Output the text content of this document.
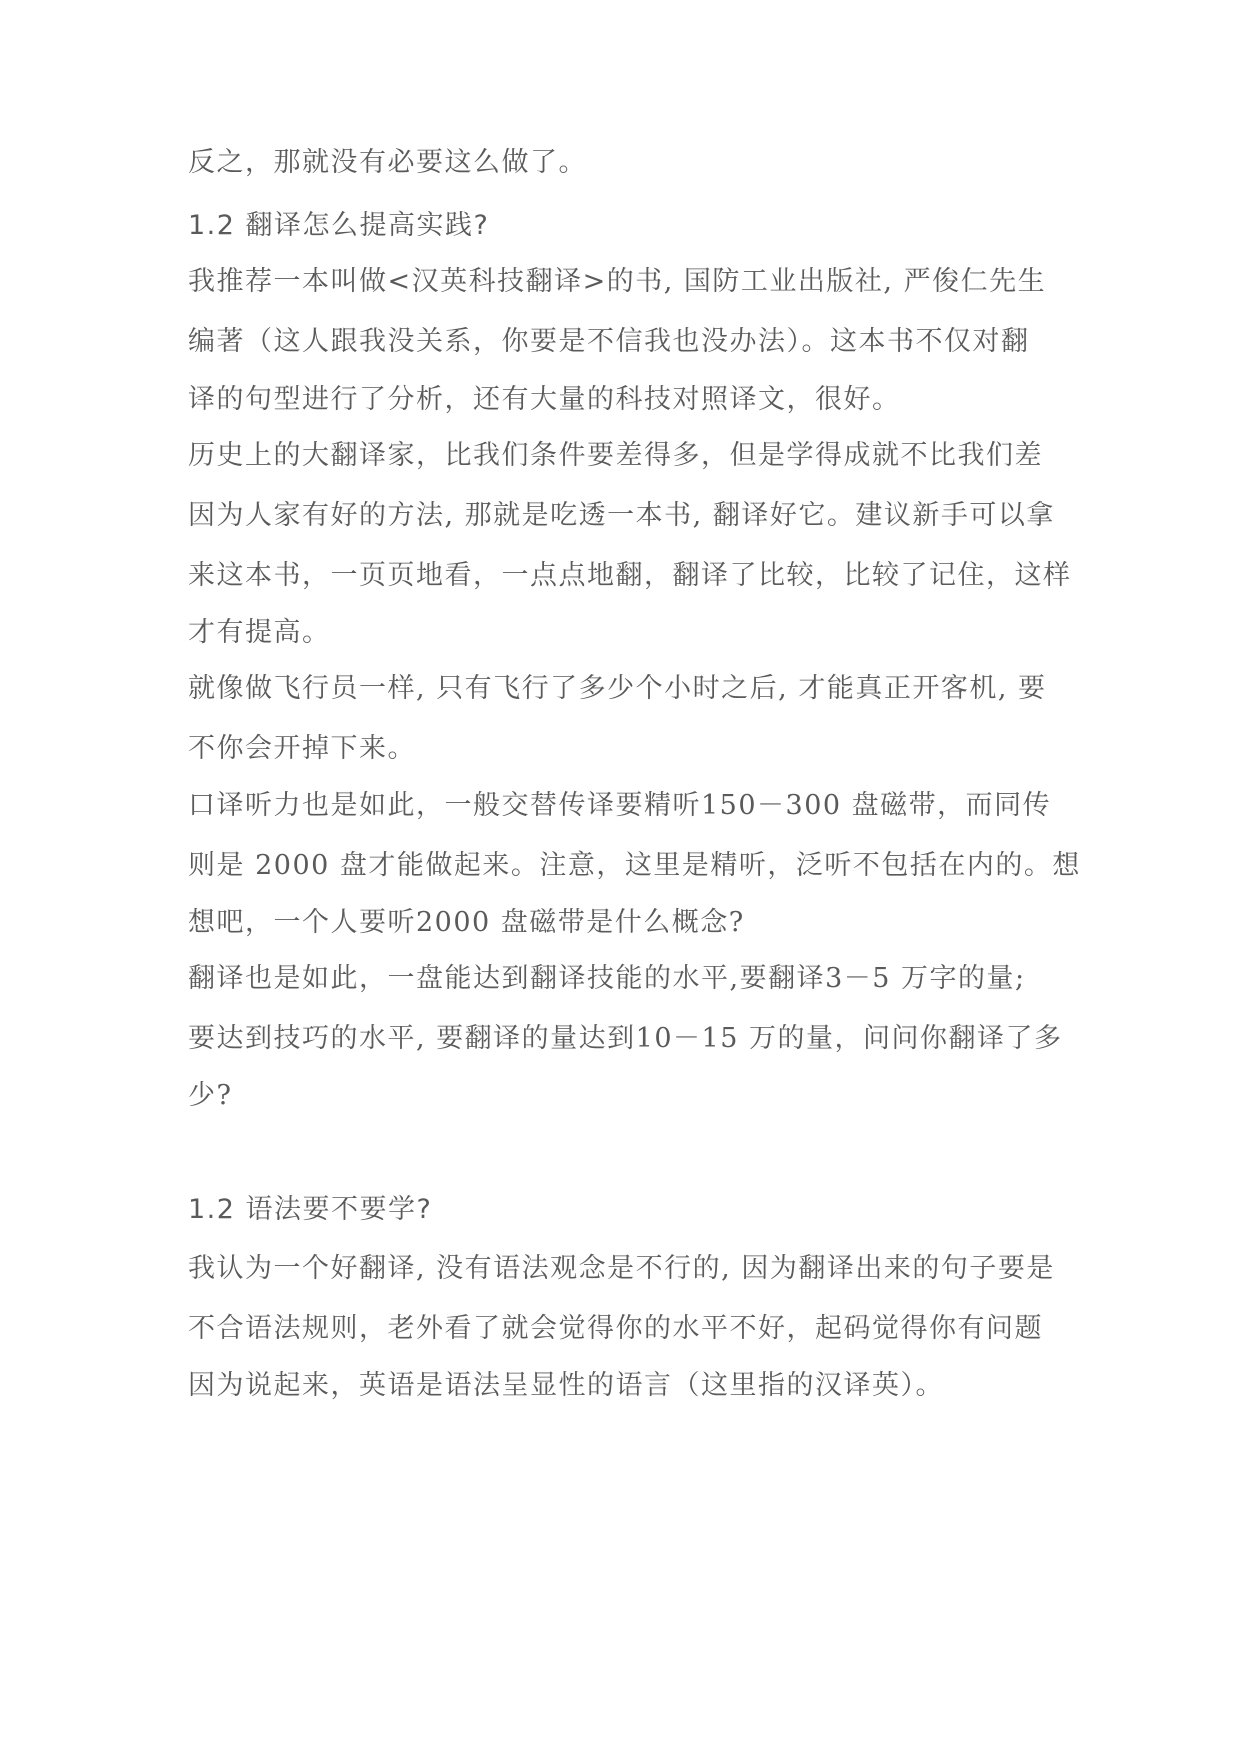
反之，那就没有必要这么做了。

1.2 翻译怎么提高实践?

我推荐一本叫做<汉英科技翻译>的书, 国防工业出版社, 严俊仁先生

编著（这人跟我没关系，你要是不信我也没办法）。这本书不仅对翻

译的句型进行了分析，还有大量的科技对照译文，很好。

历史上的大翻译家，比我们条件要差得多，但是学得成就不比我们差

因为人家有好的方法, 那就是吃透一本书, 翻译好它。建议新手可以拿

来这本书，一页页地看，一点点地翻，翻译了比较，比较了记住，这样

才有提高。

就像做飞行员一样, 只有飞行了多少个小时之后, 才能真正开客机, 要

不你会开掉下来。

口译听力也是如此，一般交替传译要精听150－300 盘磁带，而同传

则是 2000 盘才能做起来。注意，这里是精听，泛听不包括在内的。想

想吧，一个人要听2000 盘磁带是什么概念?

翻译也是如此，一盘能达到翻译技能的水平,要翻译3－5 万字的量;

要达到技巧的水平, 要翻译的量达到10－15 万的量，问问你翻译了多

少?

1.2 语法要不要学?

我认为一个好翻译, 没有语法观念是不行的, 因为翻译出来的句子要是

不合语法规则，老外看了就会觉得你的水平不好，起码觉得你有问题

因为说起来，英语是语法呈显性的语言（这里指的汉译英）。
